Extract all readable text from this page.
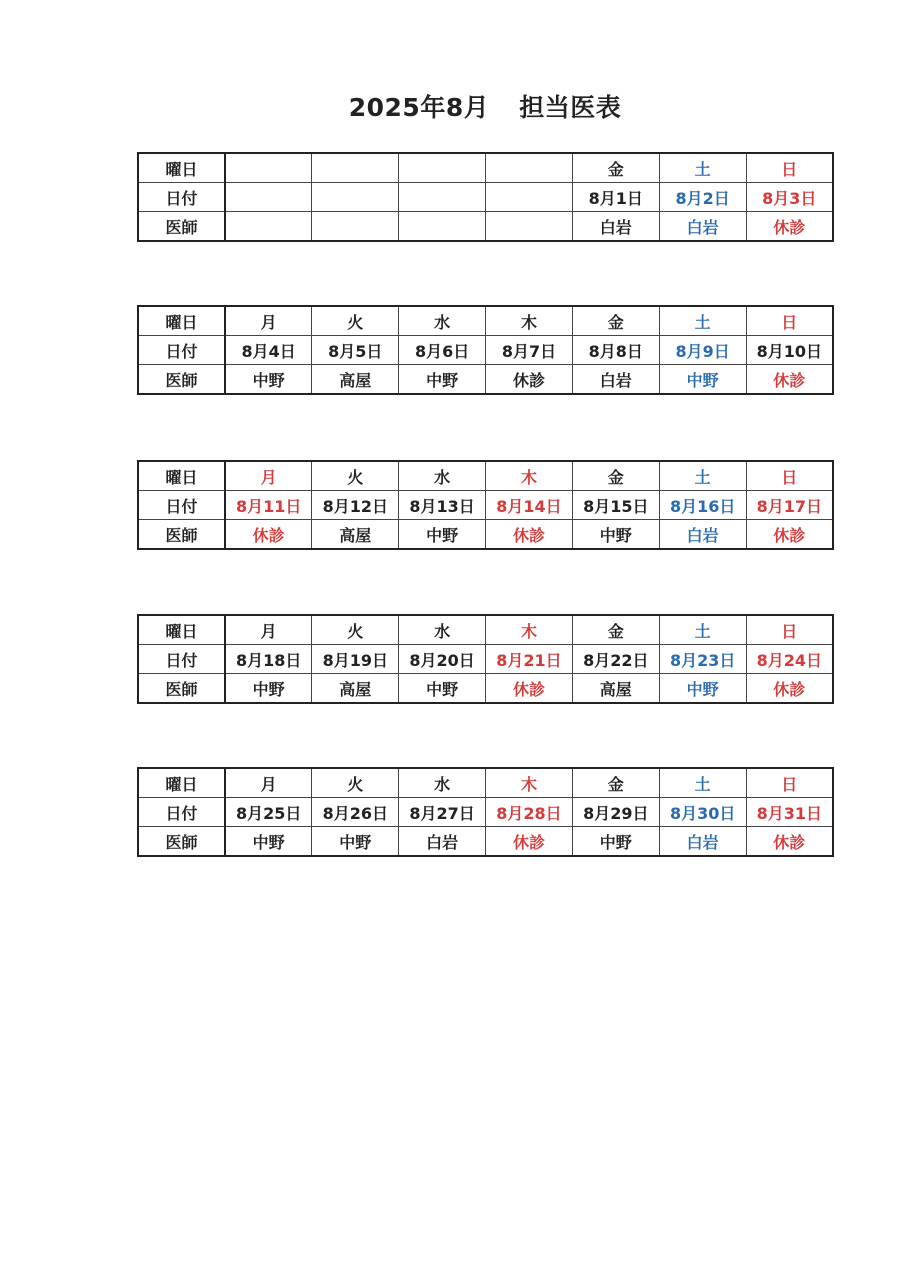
2025年8月 担当医表
曜日					金	土	日
日付					8月1日	8月2日	8月3日
医師					白岩	白岩	休診
曜日	月	火	水	木	金	土	日
日付	8月4日	8月5日	8月6日	8月7日	8月8日	8月9日	8月10日
医師	中野	高屋	中野	休診	白岩	中野	休診
曜日	月	火	水	木	金	土	日
日付	8月11日	8月12日	8月13日	8月14日	8月15日	8月16日	8月17日
医師	休診	高屋	中野	休診	中野	白岩	休診
曜日	月	火	水	木	金	土	日
日付	8月18日	8月19日	8月20日	8月21日	8月22日	8月23日	8月24日
医師	中野	高屋	中野	休診	高屋	中野	休診
曜日	月	火	水	木	金	土	日
日付	8月25日	8月26日	8月27日	8月28日	8月29日	8月30日	8月31日
医師	中野	中野	白岩	休診	中野	白岩	休診
